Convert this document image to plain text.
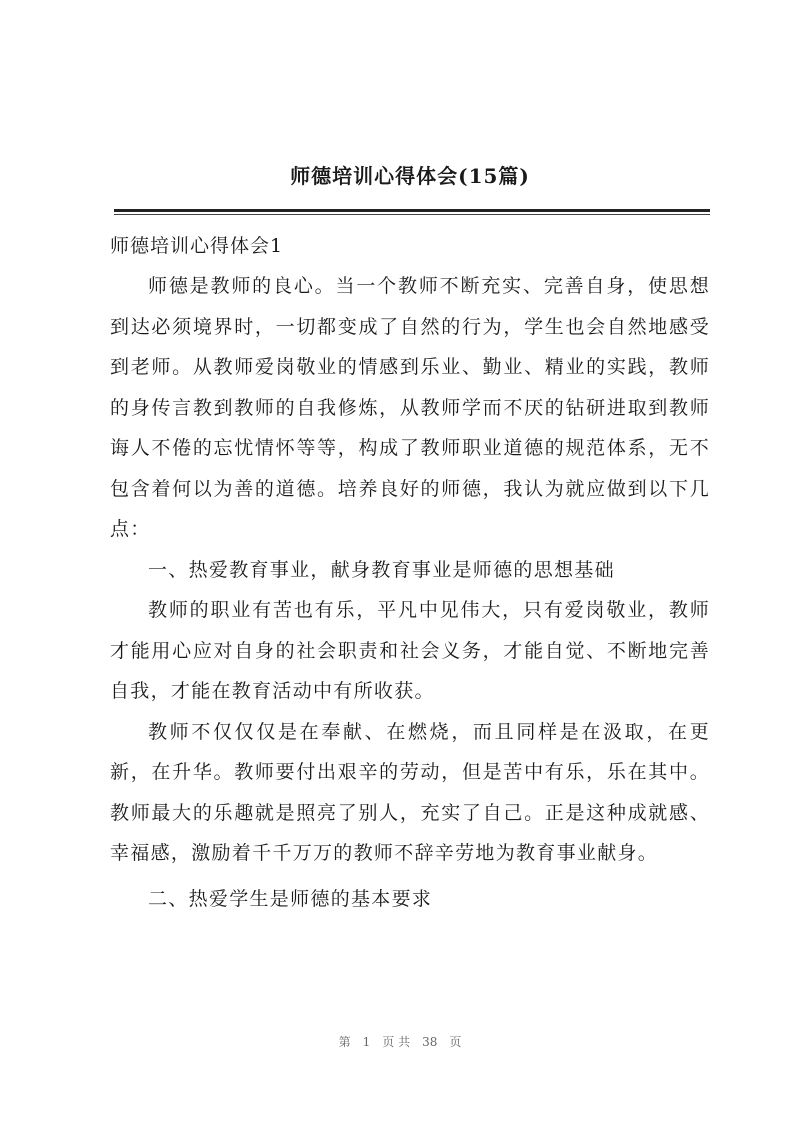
师德培训心得体会(15篇)

师德培训心得体会1

师德是教师的良心。当一个教师不断充实、完善自身，使思想到达必须境界时，一切都变成了自然的行为，学生也会自然地感受到老师。从教师爱岗敬业的情感到乐业、勤业、精业的实践，教师的身传言教到教师的自我修炼，从教师学而不厌的钻研进取到教师诲人不倦的忘忧情怀等等，构成了教师职业道德的规范体系，无不包含着何以为善的道德。培养良好的师德，我认为就应做到以下几点：

一、热爱教育事业，献身教育事业是师德的思想基础

教师的职业有苦也有乐，平凡中见伟大，只有爱岗敬业，教师才能用心应对自身的社会职责和社会义务，才能自觉、不断地完善自我，才能在教育活动中有所收获。

教师不仅仅仅是在奉献、在燃烧，而且同样是在汲取，在更新，在升华。教师要付出艰辛的劳动，但是苦中有乐，乐在其中。教师最大的乐趣就是照亮了别人，充实了自己。正是这种成就感、幸福感，激励着千千万万的教师不辞辛劳地为教育事业献身。

二、热爱学生是师德的基本要求

第 1 页 共 38 页
